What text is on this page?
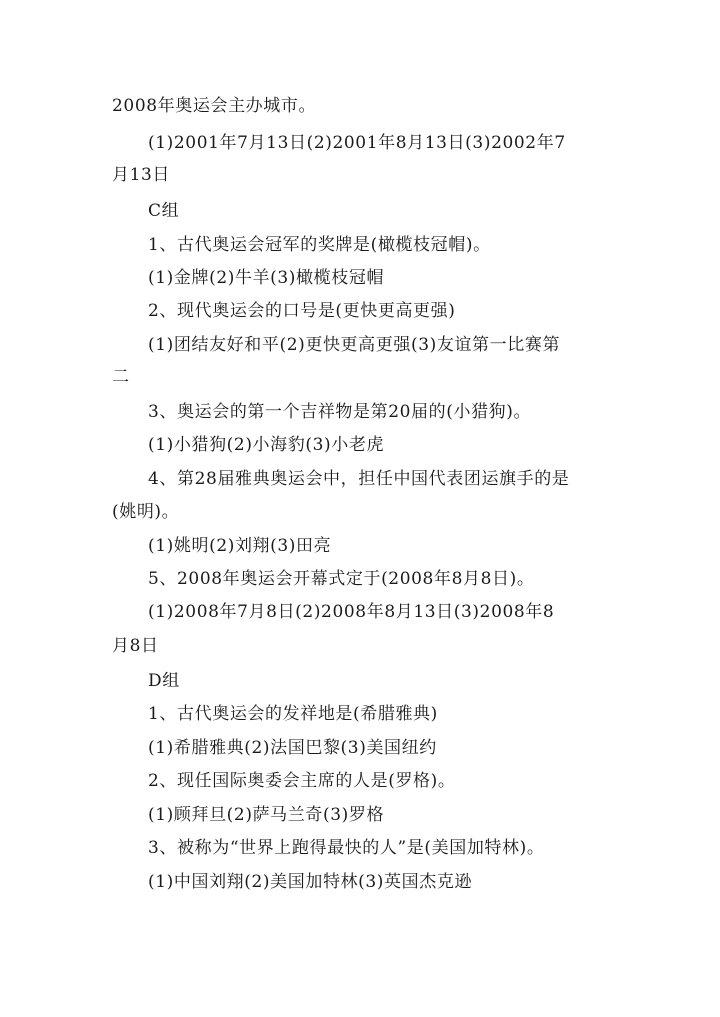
2008年奥运会主办城市。
(1)2001年7月13日(2)2001年8月13日(3)2002年7
月13日
C组
1、古代奥运会冠军的奖牌是(橄榄枝冠帽)。
(1)金牌(2)牛羊(3)橄榄枝冠帽
2、现代奥运会的口号是(更快更高更强)
(1)团结友好和平(2)更快更高更强(3)友谊第一比赛第
二
3、奥运会的第一个吉祥物是第20届的(小猎狗)。
(1)小猎狗(2)小海豹(3)小老虎
4、第28届雅典奥运会中，担任中国代表团运旗手的是
(姚明)。
(1)姚明(2)刘翔(3)田亮
5、2008年奥运会开幕式定于(2008年8月8日)。
(1)2008年7月8日(2)2008年8月13日(3)2008年8
月8日
D组
1、古代奥运会的发祥地是(希腊雅典)
(1)希腊雅典(2)法国巴黎(3)美国纽约
2、现任国际奥委会主席的人是(罗格)。
(1)顾拜旦(2)萨马兰奇(3)罗格
3、被称为“世界上跑得最快的人”是(美国加特林)。
(1)中国刘翔(2)美国加特林(3)英国杰克逊
